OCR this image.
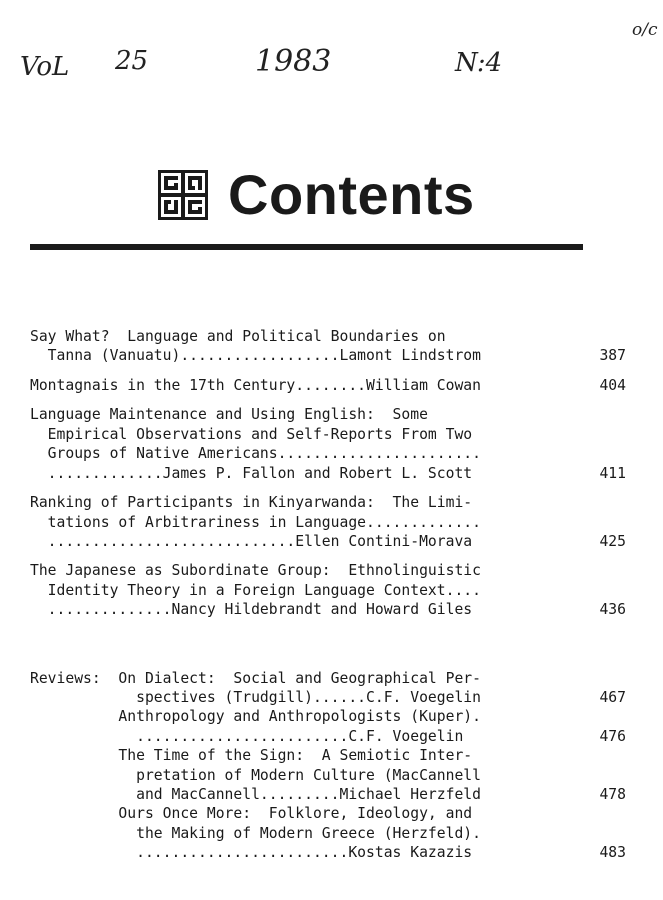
VoL 25	1983	N:4
o/c
Contents

Say What?  Language and Political Boundaries on
Tanna (Vanuatu)..................Lamont Lindstrom	387
Montagnais in the 17th Century........William Cowan	404
Language Maintenance and Using English:  Some
Empirical Observations and Self-Reports From Two
Groups of Native Americans.......................
.............James P. Fallon and Robert L. Scott	411
Ranking of Participants in Kinyarwanda:  The Limi-
tations of Arbitrariness in Language.............
............................Ellen Contini-Morava	425
The Japanese as Subordinate Group:  Ethnolinguistic
Identity Theory in a Foreign Language Context....
..............Nancy Hildebrandt and Howard Giles	436

Reviews:  On Dialect:  Social and Geographical Per-
spectives (Trudgill)......C.F. Voegelin	467
Anthropology and Anthropologists (Kuper).
........................C.F. Voegelin	476
The Time of the Sign:  A Semiotic Inter-
pretation of Modern Culture (MacCannell
and MacCannell.........Michael Herzfeld	478
Ours Once More:  Folklore, Ideology, and
the Making of Modern Greece (Herzfeld).
........................Kostas Kazazis	483
